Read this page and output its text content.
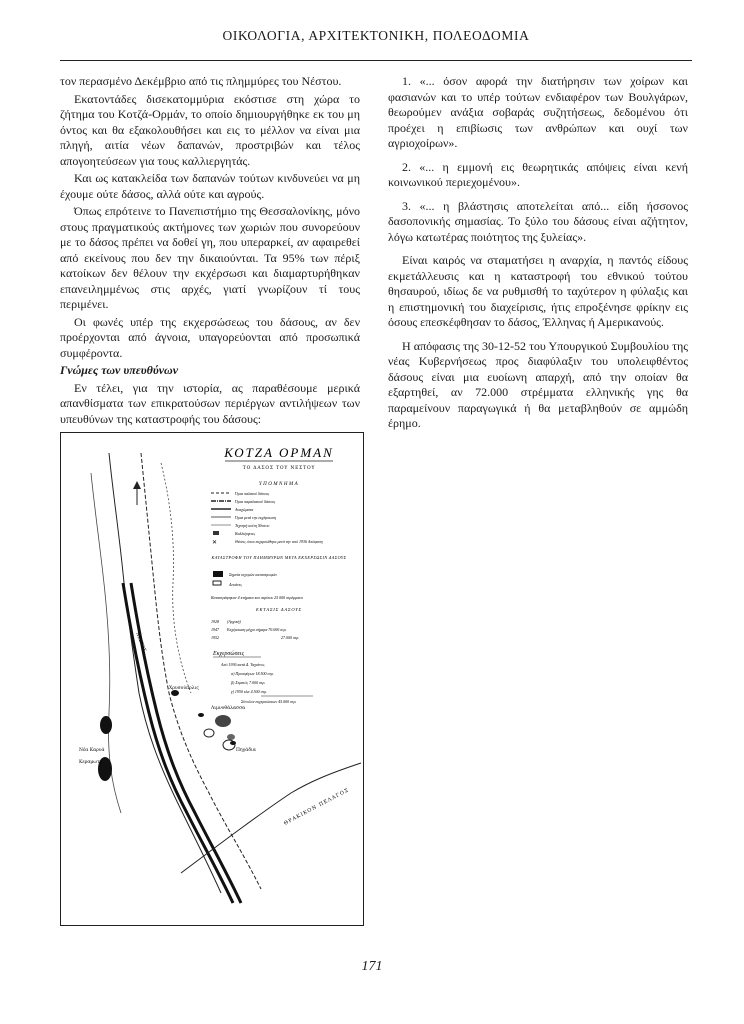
ΟΙΚΟΛΟΓΙΑ, ΑΡΧΙΤΕΚΤΟΝΙΚΗ, ΠΟΛΕΟΔΟΜΙΑ

τον περασμένο Δεκέμβριο από τις πλημμύρες του Νέστου.

Εκατοντάδες δισεκατομμύρια εκόστισε στη χώρα το ζήτημα του Κοτζά-Ορμάν, το οποίο δημιουργήθηκε εκ του μη όντος και θα εξακολουθήσει και εις το μέλλον να είναι μια πληγή, αιτία νέων δαπανών, προστριβών και τέλος απογοητεύσεων για τους καλλιεργητάς.

Και ως κατακλείδα των δαπανών τούτων κινδυνεύει να μη έχουμε ούτε δάσος, αλλά ούτε και αγρούς.

Όπως επρότεινε το Πανεπιστήμιο της Θεσσαλονίκης, μόνο στους πραγματικούς ακτήμονες των χωριών που συνορεύουν με το δάσος πρέπει να δοθεί γη, που υπεραρκεί, αν αφαιρεθεί από εκείνους που δεν την δικαιούνται. Τα 95% των πέριξ κατοίκων δεν θέλουν την εκχέρσωσι και διαμαρτυρήθηκαν επανειλημμένως στις αρχές, γιατί γνωρίζουν τί τους περιμένει.

Οι φωνές υπέρ της εκχερσώσεως του δάσους, αν δεν προέρχονται από άγνοια, υπαγορεύονται από προσωπικά συμφέροντα.

Γνώμες των υπευθύνων

Εν τέλει, για την ιστορία, ας παραθέσουμε μερικά απανθίσματα των επικρατούσων περιέργων αντιλήψεων των υπευθύνων της καταστροφής του δάσους:

1. «... όσον αφορά την διατήρησιν των χοίρων και φασιανών και το υπέρ τούτων ενδιαφέρον των Βουλγάρων, θεωρούμεν ανάξια σοβαράς συζητήσεως, δεδομένου ότι προέχει η επιβίωσις των ανθρώπων και ουχί των αγριοχοίρων».

2. «... η εμμονή εις θεωρητικάς απόψεις είναι κενή κοινωνικού περιεχομένου».

3. «... η βλάστησις αποτελείται από... είδη ήσσονος δασοπονικής σημασίας. Το ξύλο του δάσους είναι αζήτητον, λόγω κατωτέρας ποιότητος της ξυλείας».

Είναι καιρός να σταματήσει η αναρχία, η παντός είδους εκμετάλλευσις και η καταστροφή του εθνικού τούτου θησαυρού, ιδίως δε να ρυθμισθή το ταχύτερον η φύλαξις και η επιστημονική του διαχείρισις, ήτις επροξένησε φρίκην εις όσους επεσκέφθησαν το δάσος, Έλληνας ή Αμερικανούς.

Η απόφασις της 30-12-52 του Υπουργικού Συμβουλίου της νέας Κυβερνήσεως προς διαφύλαξιν του υπολειφθέντος δάσους είναι μια ευοίωνη απαρχή, από την οποίαν θα εξαρτηθεί, αν 72.000 στρέμματα ελληνικής γης θα παραμείνουν παραγωγικά ή θα μεταβληθούν σε αμμώδη έρημο.

Χρυσούπολις
Νέα Καρυά
Κεραμωτή
Λιμνοθάλασσα
Πηγάδια
ΘΡΑΚΙΚΟΝ ΠΕΛΑΓΟΣ
ΝΕΣΤΟΣ
ΚΟΤΖΑ ΟΡΜΑΝ
ΤΟ ΔΑΣΟΣ ΤΟΥ ΝΕΣΤΟΥ
ΥΠΟΜΝΗΜΑ
Όρια παλαιού δάσους
Όρια παραλιακού δάσους
Αναχώματα
Όρια μετά την εκχέρσωση
Τεχνητή κοίτη Νέστου
Καλλιέργειες
✕	Θέσεις όπου εκχερσώθηκε μετά την από 1936 Απόφαση
ΚΑΤΑΣΤΡΟΦΗ ΤΟΥ ΠΛΗΜΜΥΡΩΝ ΜΕΤΑ ΕΚΧΕΡΣΩΣΙΝ ΔΑΣΟΥΣ
Σημεία ισχυρών καταστροφών
Λεκάνες
Καταστράφηκαν 4 κτήματα και περίπου 25 000 στρέμματα
ΕΚΤΑΣΙΣ ΔΑΣΟΥΣ
1928 (Αρχική)
1947 Εκχέρσωση μέχρι σήμερα 70.000 στρ.
1952	27.000 στρ.
Εκχερσώσεις
Από 1936 κατά Δ. Ταχιάνος
α) Προσφύγων 18.500 στρ.
β) Στρατός 7.000 στρ.
γ) 1950 κλπ 4.500 στρ.
Σύνολον εκχερσώσεων 45.000 στρ.
171
